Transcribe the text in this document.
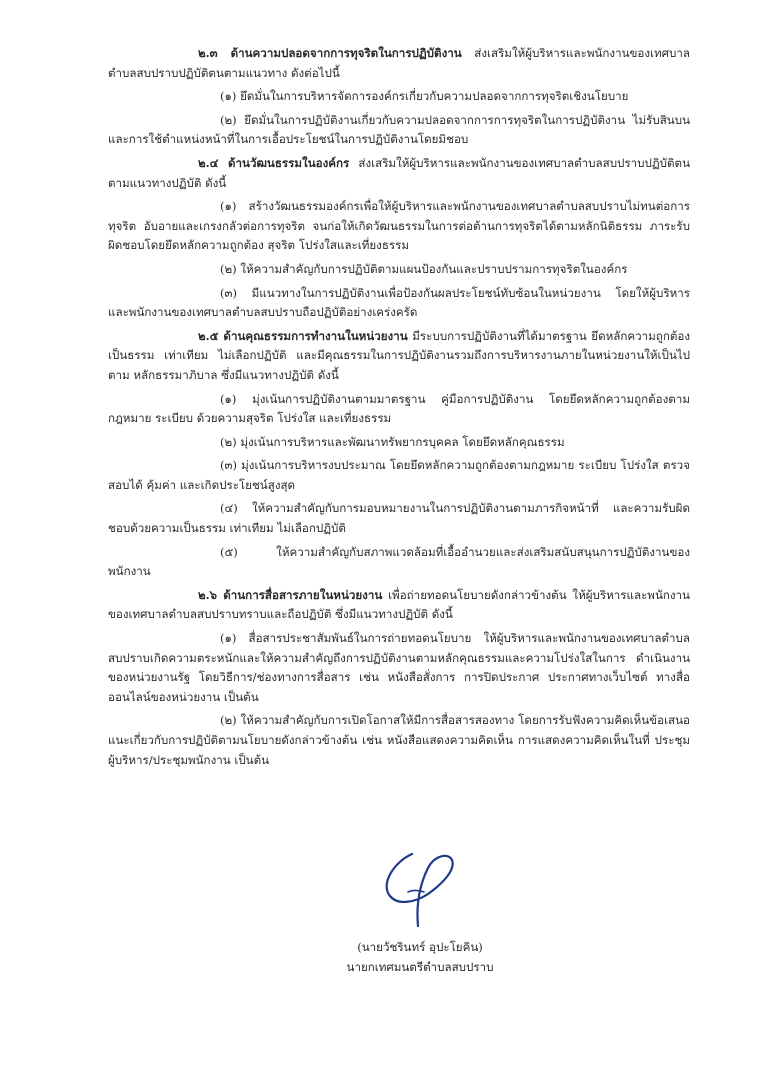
๒.๓ ด้านความปลอดจากการทุจริตในการปฏิบัติงาน ส่งเสริมให้ผู้บริหารและพนักงานของเทศบาลตำบลสบปราบปฏิบัติตนตามแนวทาง ดังต่อไปนี้

(๑) ยึดมั่นในการบริหารจัดการองค์กรเกี่ยวกับความปลอดจากการทุจริตเชิงนโยบาย

(๒) ยึดมั่นในการปฏิบัติงานเกี่ยวกับความปลอดจากการการทุจริตในการปฏิบัติงาน ไม่รับสินบนและการใช้ตำแหน่งหน้าที่ในการเอื้อประโยชน์ในการปฏิบัติงานโดยมิชอบ

๒.๔ ด้านวัฒนธรรมในองค์กร ส่งเสริมให้ผู้บริหารและพนักงานของเทศบาลตำบลสบปราบปฏิบัติตนตามแนวทางปฏิบัติ ดังนี้

(๑) สร้างวัฒนธรรมองค์กรเพื่อให้ผู้บริหารและพนักงานของเทศบาลตำบลสบปราบไม่ทนต่อการทุจริต อับอายและเกรงกลัวต่อการทุจริต จนก่อให้เกิดวัฒนธรรมในการต่อต้านการทุจริตได้ตามหลักนิติธรรม ภาระรับผิดชอบโดยยึดหลักความถูกต้อง สุจริต โปร่งใสและเที่ยงธรรม

(๒) ให้ความสำคัญกับการปฏิบัติตามแผนป้องกันและปราบปรามการทุจริตในองค์กร

(๓) มีแนวทางในการปฏิบัติงานเพื่อป้องกันผลประโยชน์ทับซ้อนในหน่วยงาน โดยให้ผู้บริหาร และพนักงานของเทศบาลตำบลสบปราบถือปฏิบัติอย่างเคร่งครัด

๒.๕ ด้านคุณธรรมการทำงานในหน่วยงาน มีระบบการปฏิบัติงานที่ได้มาตรฐาน ยึดหลักความถูกต้อง เป็นธรรม เท่าเทียม ไม่เลือกปฏิบัติ และมีคุณธรรมในการปฏิบัติงานรวมถึงการบริหารงานภายในหน่วยงานให้เป็นไปตาม หลักธรรมาภิบาล ซึ่งมีแนวทางปฏิบัติ ดังนี้

(๑) มุ่งเน้นการปฏิบัติงานตามมาตรฐาน คู่มือการปฏิบัติงาน โดยยึดหลักความถูกต้องตามกฎหมาย ระเบียบ ด้วยความสุจริต โปร่งใส และเที่ยงธรรม

(๒) มุ่งเน้นการบริหารและพัฒนาทรัพยากรบุคคล โดยยึดหลักคุณธรรม

(๓) มุ่งเน้นการบริหารงบประมาณ โดยยึดหลักความถูกต้องตามกฎหมาย ระเบียบ โปร่งใส ตรวจสอบได้ คุ้มค่า และเกิดประโยชน์สูงสุด

(๔) ให้ความสำคัญกับการมอบหมายงานในการปฏิบัติงานตามภารกิจหน้าที่ และความรับผิดชอบด้วยความเป็นธรรม เท่าเทียม ไม่เลือกปฏิบัติ

(๕) ให้ความสำคัญกับสภาพแวดล้อมที่เอื้ออำนวยและส่งเสริมสนับสนุนการปฏิบัติงานของพนักงาน

๒.๖ ด้านการสื่อสารภายในหน่วยงาน เพื่อถ่ายทอดนโยบายดังกล่าวข้างต้น ให้ผู้บริหารและพนักงานของเทศบาลตำบลสบปราบทราบและถือปฏิบัติ ซึ่งมีแนวทางปฏิบัติ ดังนี้

(๑) สื่อสารประชาสัมพันธ์ในการถ่ายทอดนโยบาย ให้ผู้บริหารและพนักงานของเทศบาลตำบลสบปราบเกิดความตระหนักและให้ความสำคัญถึงการปฏิบัติงานตามหลักคุณธรรมและความโปร่งใสในการ ดำเนินงานของหน่วยงานรัฐ โดยวิธีการ/ช่องทางการสื่อสาร เช่น หนังสือสั่งการ การปิดประกาศ ประกาศทางเว็บไซต์ ทางสื่อออนไลน์ของหน่วยงาน เป็นต้น

(๒) ให้ความสำคัญกับการเปิดโอกาสให้มีการสื่อสารสองทาง โดยการรับฟังความคิดเห็นข้อเสนอแนะเกี่ยวกับการปฏิบัติตามนโยบายดังกล่าวข้างต้น เช่น หนังสือแสดงความคิดเห็น การแสดงความคิดเห็นในที่ ประชุมผู้บริหาร/ประชุมพนักงาน เป็นต้น

(นายวัชรินทร์ อุปะโยคิน)
นายกเทศมนตรีตำบลสบปราบ
